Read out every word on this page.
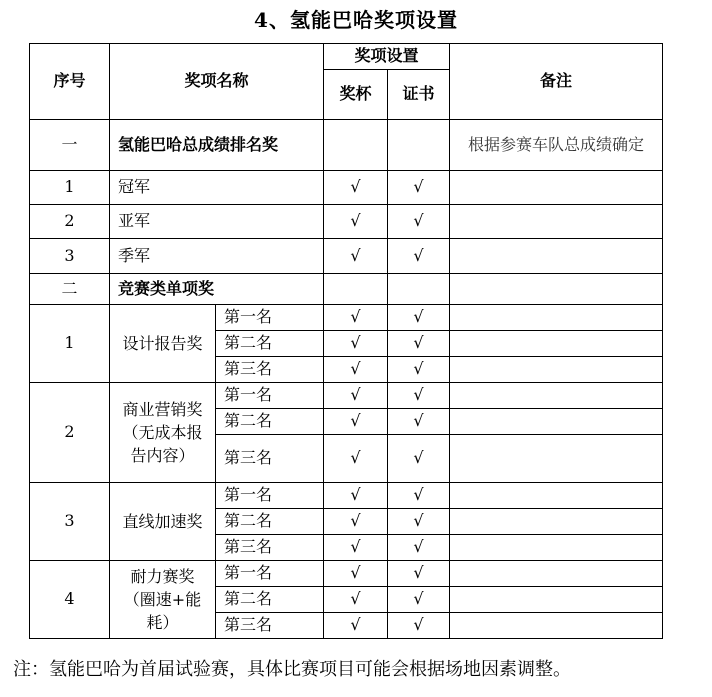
4、氢能巴哈奖项设置
序号	奖项名称		奖项设置		备注
			奖杯	证书	
一	氢能巴哈总成绩排名奖				根据参赛车队总成绩确定
1	冠军		√	√	
2	亚军		√	√	
3	季军		√	√	
二	竞赛类单项奖				
1	设计报告奖	第一名	√	√	
		第二名	√	√	
		第三名	√	√	
2	商业营销奖（无成本报告内容）	第一名	√	√	
		第二名	√	√	
		第三名	√	√	
3	直线加速奖	第一名	√	√	
		第二名	√	√	
		第三名	√	√	
4	耐力赛奖（圈速+能耗）	第一名	√	√	
		第二名	√	√	
		第三名	√	√	
注：氢能巴哈为首届试验赛，具体比赛项目可能会根据场地因素调整。
